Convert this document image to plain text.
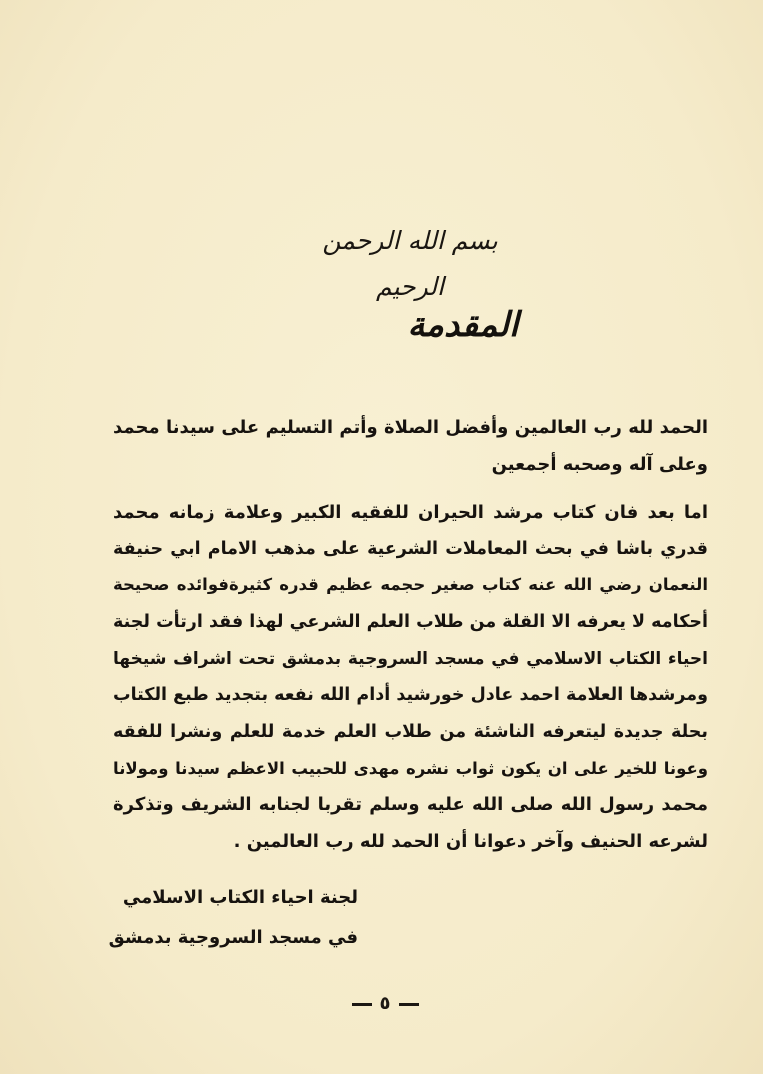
بسم الله الرحمن الرحيم
المقدمة
الحمد لله رب العالمين وأفضل الصلاة وأتم التسليم على سيدنا محمد
وعلى آله وصحبه أجمعين
اما بعد فان كتاب مرشد الحيران للفقيه الكبير وعلامة زمانه محمد
قدري باشا في بحث المعاملات الشرعية على مذهب الامام ابي حنيفة
النعمان رضي الله عنه كتاب صغير حجمه عظيم قدره كثيرةفوائده صحيحة
أحكامه لا يعرفه الا القلة من طلاب العلم الشرعي لهذا فقد ارتأت لجنة
احياء الكتاب الاسلامي في مسجد السروجية بدمشق تحت اشراف شيخها
ومرشدها العلامة احمد عادل خورشيد أدام الله نفعه بتجديد طبع الكتاب
بحلة جديدة ليتعرفه الناشئة من طلاب العلم خدمة للعلم ونشرا للفقه
وعونا للخير على ان يكون ثواب نشره مهدى للحبيب الاعظم سيدنا ومولانا
محمد رسول الله صلى الله عليه وسلم تقربا لجنابه الشريف وتذكرة
لشرعه الحنيف وآخر دعوانا أن الحمد لله رب العالمين .
لجنة احياء الكتاب الاسلامي
في مسجد السروجية بدمشق
٥
